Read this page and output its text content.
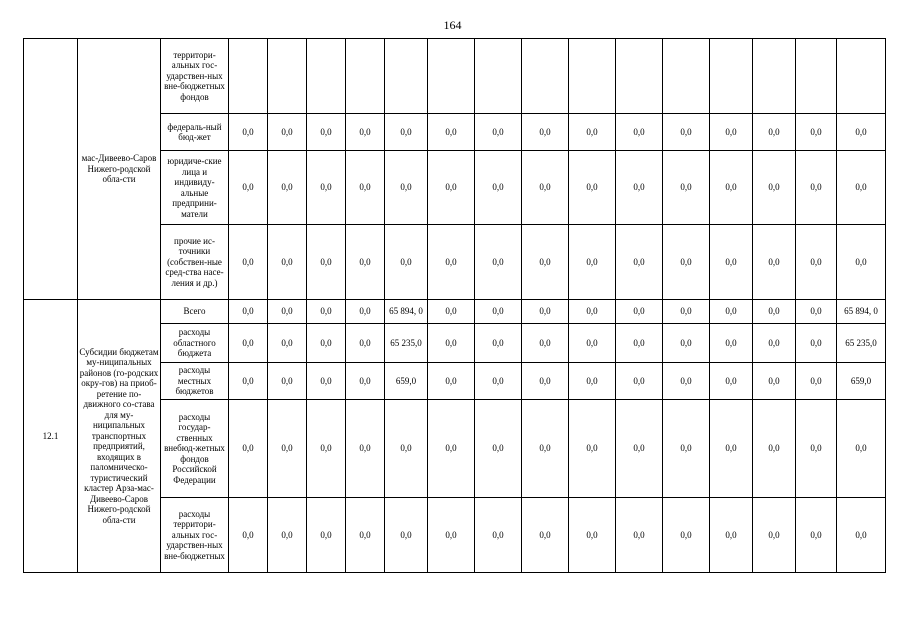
164
	мас-Дивеево-Саров Нижего-родской обла-сти	территори-альных гос-ударствен-ных вне-бюджетных фондов															
		федераль-ный бюд-жет	0,0	0,0	0,0	0,0	0,0	0,0	0,0	0,0	0,0	0,0	0,0	0,0	0,0	0,0	0,0
		юридиче-ские лица и индивиду-альные предприни-матели	0,0	0,0	0,0	0,0	0,0	0,0	0,0	0,0	0,0	0,0	0,0	0,0	0,0	0,0	0,0
		прочие ис-точники (собствен-ные сред-ства насе-ления и др.)	0,0	0,0	0,0	0,0	0,0	0,0	0,0	0,0	0,0	0,0	0,0	0,0	0,0	0,0	0,0
12.1	Субсидии бюджетам му-ниципальных районов (го-родских окру-гов) на приоб-ретение по-движного со-става для му-ниципальных транспортных предприятий, входящих в паломническо-туристический кластер Арза-мас-Дивеево-Саров Нижего-родской обла-сти	Всего	0,0	0,0	0,0	0,0	65 894, 0	0,0	0,0	0,0	0,0	0,0	0,0	0,0	0,0	0,0	65 894, 0
		расходы областного бюджета	0,0	0,0	0,0	0,0	65 235,0	0,0	0,0	0,0	0,0	0,0	0,0	0,0	0,0	0,0	65 235,0
		расходы местных бюджетов	0,0	0,0	0,0	0,0	659,0	0,0	0,0	0,0	0,0	0,0	0,0	0,0	0,0	0,0	659,0
		расходы государ-ственных внебюд-жетных фондов Российской Федерации	0,0	0,0	0,0	0,0	0,0	0,0	0,0	0,0	0,0	0,0	0,0	0,0	0,0	0,0	0,0
		расходы территори-альных гос-ударствен-ных вне-бюджетных	0,0	0,0	0,0	0,0	0,0	0,0	0,0	0,0	0,0	0,0	0,0	0,0	0,0	0,0	0,0
